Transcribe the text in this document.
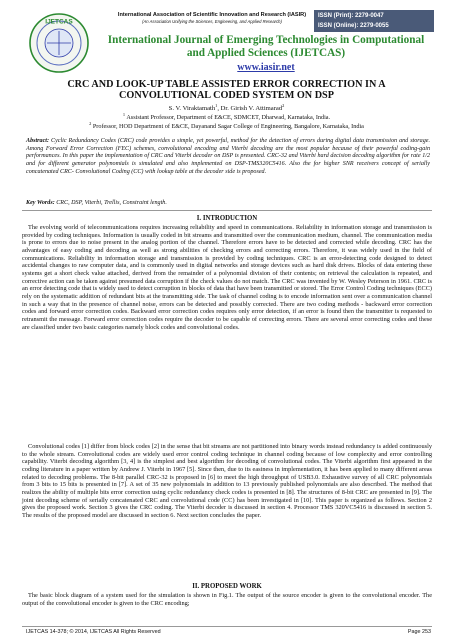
International Association of Scientific Innovation and Research (IASIR)
(An Association Unifying the Sciences, Engineering, and Applied Research)
ISSN (Print): 2279-0047
ISSN (Online): 2279-0055
IJETCAS
International Journal of Emerging Technologies in Computational
and Applied Sciences (IJETCAS)
www.iasir.net
CRC AND LOOK-UP TABLE ASSISTED ERROR CORRECTION IN A
CONVOLUTIONAL CODED SYSTEM ON DSP
S. V. Viraktamath$^1$, Dr. Girish V. Attimarad$^2$
$^1$ Assistant Professor, Department of E&CE, SDMCET, Dharwad, Karnataka, India.
$^2$ Professor, HOD Department of E&CE, Dayanand Sagar College of Engineering, Bangalore, Karnataka, India
Abstract: Cyclic Redundancy Codes (CRC) code provides a simple, yet powerful, method for the detection of errors during digital data transmission and storage. Among Forward Error Correction (FEC) schemes, convolutional encoding and Viterbi decoding are the most popular because of their powerful coding-gain performances. In this paper the implementation of CRC and Viterbi decoder on DSP is presented. CRC-32 and Viterbi hard decision decoding algorithm for rate 1/2 and for different generator polynomials is simulated and also implemented on DSP-TMS320C5416. Also the for higher SNR receivers concept of serially concatenated CRC- Convolutional Coding (CC) with lookup table at the decoder side is proposed.
Key Words: CRC, DSP, Viterbi, Trellis, Constraint length.
I. INTRODUCTION
The evolving world of telecommunications requires increasing reliability and speed in communications. Reliability in information storage and transmission is provided by coding techniques. Information is usually coded in bit streams and transmitted over the communication medium, channel. The communication media is prone to errors due to noise present in the analog portion of the channel. Therefore errors have to be detected and corrected while decoding. CRC has the advantages of easy coding and decoding as well as strong abilities of checking errors and correcting errors. Therefore, it was widely used in the field of communications. Reliability in information storage and transmission is provided by coding techniques. CRC is an error-detecting code designed to detect accidental changes to raw computer data, and is commonly used in digital networks and storage devices such as hard disk drives. Blocks of data entering these systems get a short check value attached, derived from the remainder of a polynomial division of their contents; on retrieval the calculation is repeated, and corrective action can be taken against presumed data corruption if the check values do not match. The CRC was invented by W. Wesley Peterson in 1961. CRC is an error detecting code that is widely used to detect corruption in blocks of data that have been transmitted or stored. The Error Control Coding techniques (ECC) rely on the systematic addition of redundant bits at the transmitting side. The task of channel coding is to encode information sent over a communication channel in such a way that in the presence of channel noise, errors can be detected and possibly corrected. There are two coding methods - backward error correction codes and forward error correction codes. Backward error correction codes requires only error detection, if an error is found then the transmitter is requested to retransmit the message. Forward error correction codes require the decoder to be capable of correcting errors. There are several error correcting codes and these are classified under two basic categories namely block codes and convolutional codes.
Convolutional codes [1] differ from block codes [2] in the sense that bit streams are not partitioned into binary words instead redundancy is added continuously to the whole stream. Convolutional codes are widely used error control coding technique in channel coding because of low complexity and error controlling capability. Viterbi decoding algorithm [3, 4] is the simplest and best algorithm for decoding of convolutional codes. The Viterbi algorithm first appeared in the coding literature in a paper written by Andrew J. Viterbi in 1967 [5]. Since then, due to its easiness in implementation, it has been applied to many different areas related to decoding problems. The 8-bit parallel CRC-32 is proposed in [6] to meet the high throughput of USB3.0. Exhaustive survey of all CRC polynomials from 3 bits to 15 bits is presented in [7]. A set of 35 new polynomials in addition to 13 previously published polynomials are also described. The method that realizes the ability of multiple bits error correction using cyclic redundancy check codes is presented in [8]. The structures of 8-bit CRC are presented in [9]. The joint decoding scheme of serially concatenated CRC and convolutional code (CC) has been investigated in [10]. This paper is organized as follows. Section 2 gives the proposed work. Section 3 gives the CRC coding. The Viterbi decoder is discussed in section 4. Processor TMS 320VC5416 is discussed in section 5. The results of the proposed model are discussed in section 6. Next section concludes the paper.
II. PROPOSED WORK
The basic block diagram of a system used for the simulation is shown in Fig.1. The output of the source encoder is given to the convolutional encoder. The output of the convolutional encoder is given to the CRC encoding;
IJETCAS 14-378; © 2014, IJETCAS All Rights Reserved	Page 253
